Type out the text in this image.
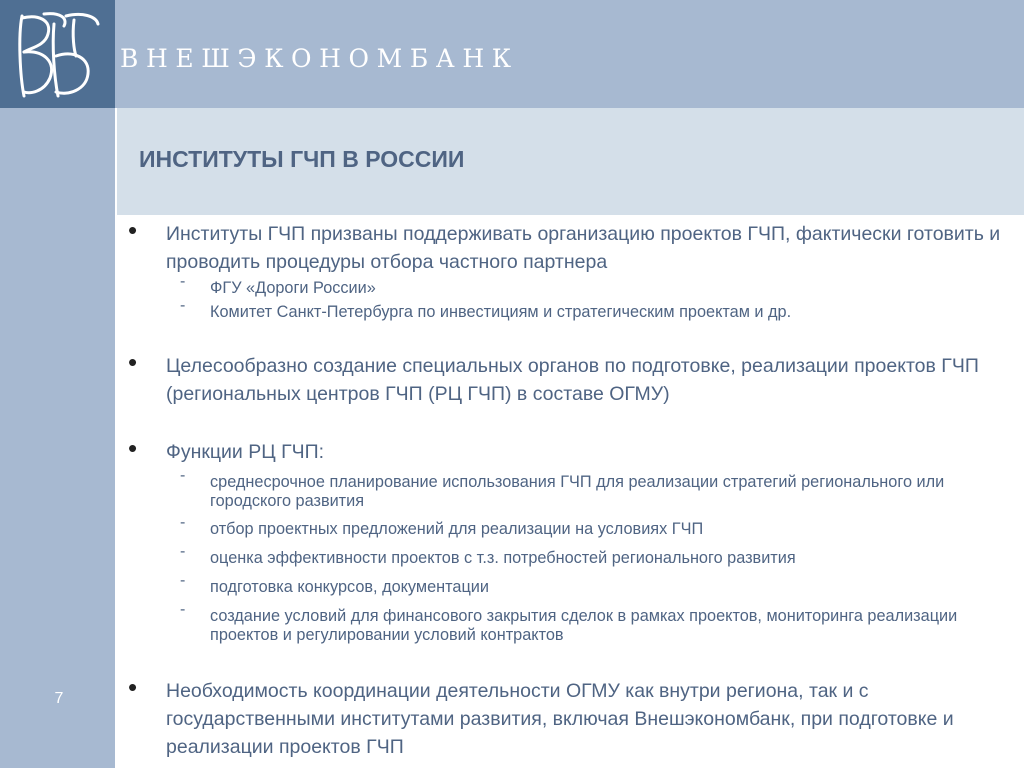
ВНЕШЭКОНОМБАНК
7
ИНСТИТУТЫ ГЧП В РОССИИ
• Институты ГЧП призваны поддерживать организацию проектов ГЧП, фактически готовить и проводить процедуры отбора частного партнера
- ФГУ «Дороги России»
- Комитет Санкт-Петербурга по инвестициям и стратегическим проектам и др.
• Целесообразно создание специальных органов по подготовке, реализации проектов ГЧП (региональных центров ГЧП (РЦ ГЧП) в составе ОГМУ)
• Функции РЦ ГЧП:
- среднесрочное планирование использования ГЧП для реализации стратегий регионального или городского развития
- отбор проектных предложений для реализации на условиях ГЧП
- оценка эффективности проектов с т.з. потребностей регионального развития
- подготовка конкурсов, документации
- создание условий для финансового закрытия сделок в рамках проектов, мониторинга реализации проектов и регулировании условий контрактов
• Необходимость координации деятельности ОГМУ как внутри региона, так и с государственными институтами развития, включая Внешэкономбанк, при подготовке и реализации проектов ГЧП
